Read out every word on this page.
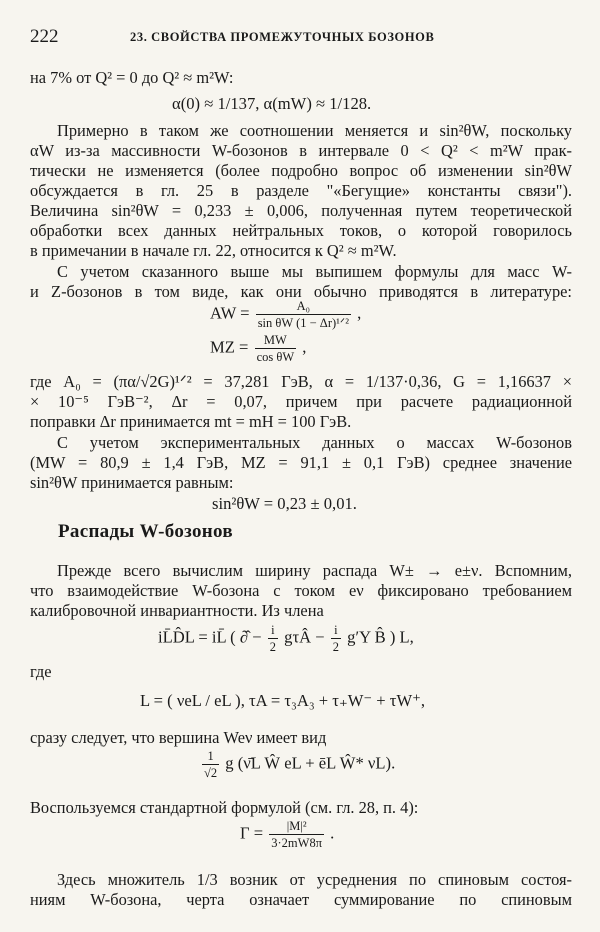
222	23. СВОЙСТВА ПРОМЕЖУТОЧНЫХ БОЗОНОВ
на 7% от Q² = 0 до Q² ≈ m²W:
α(0) ≈ 1/137, α(mW) ≈ 1/128.
Примерно в таком же соотношении меняется и sin²θW, поскольку
αW из-за массивности W-бозонов в интервале 0 < Q² < m²W прак-
тически не изменяется (более подробно вопрос об изменении sin²θW
обсуждается в гл. 25 в разделе "«Бегущие» константы связи").
Величина sin²θW = 0,233 ± 0,006, полученная путем теоретической
обработки всех данных нейтральных токов, о которой говорилось
в примечании в начале гл. 22, относится к Q² ≈ m²W.
С учетом сказанного выше мы выпишем формулы для масс W-
и Z-бозонов в том виде, как они обычно приводятся в литературе:
AW = $\frac{\text{A₀}}{\text{sin θW (1 − Δr)¹ᐟ²}}$ ,
MZ = $\frac{MW}{\text{cos θW}}$ ,
где A₀ = (πα/√2G)¹ᐟ² = 37,281 ГэВ, α = 1/137·0,36, G = 1,16637 ×
× 10⁻⁵ ГэВ⁻², Δr = 0,07, причем при расчете радиационной
поправки Δr принимается mt = mH = 100 ГэВ.
С учетом экспериментальных данных о массах W-бозонов
(MW = 80,9 ± 1,4 ГэВ, MZ = 91,1 ± 0,1 ГэВ) среднее значение
sin²θW принимается равным:
sin²θW = 0,23 ± 0,01.
Распады W-бозонов
Прежде всего вычислим ширину распада W± → e±ν. Вспомним,
что взаимодействие W-бозона с током eν фиксировано требованием
калибровочной инвариантности. Из члена
iL̄D̂L = iL̄ ( ∂̂ − $\frac{i}{2}$ gτÂ − $\frac{i}{2} g'Y$ B̂ ) L,
где
L = ( νeL / eL ), τA = τ₃A₃ + τ₊W⁻ + τW⁺,
сразу следует, что вершина Weν имеет вид
$\frac{1}{√2}$ g (ν̄L Ŵ eL + ēL Ŵ* νL).
Воспользуемся стандартной формулой (см. гл. 28, п. 4):
$\Gamma = \frac{\text{|M|²}}{3\cdot 2mW8\pi}$ .
Здесь множитель 1/3 возник от усреднения по спиновым состоя-
ниям W-бозона, черта означает суммирование по спиновым
